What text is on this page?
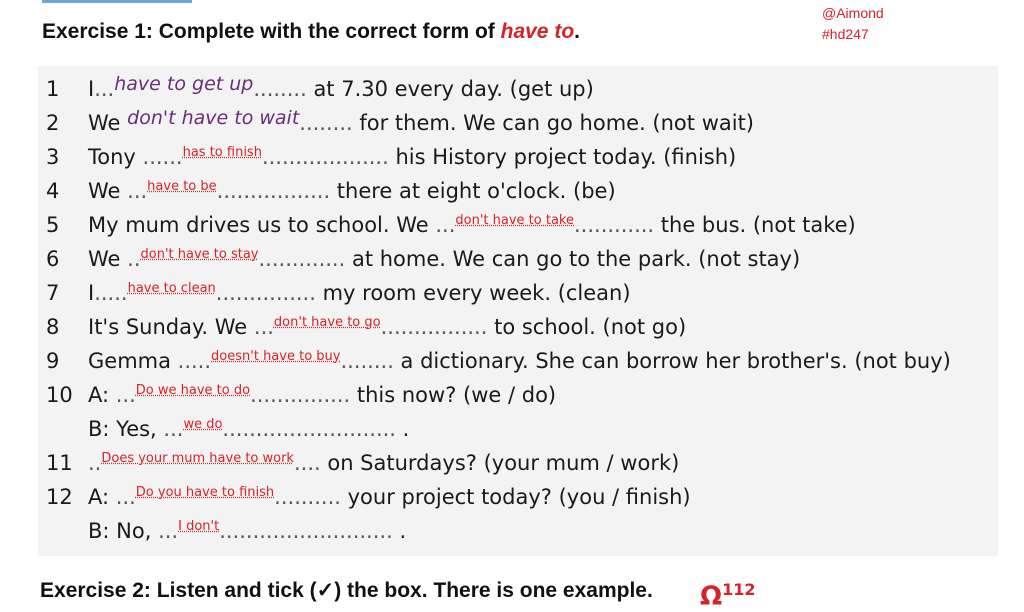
Exercise 1: Complete with the correct form of have to.
@Aimond
#hd247
1	I...have to get up........ at 7.30 every day. (get up)
2	We don't have to wait........ for them. We can go home. (not wait)
3	Tony ......$^{has to finish}$................... his History project today. (finish)
4	We ...$^{have to be}$................. there at eight o'clock. (be)
5	My mum drives us to school. We ...$^{don't have to take}$............ the bus. (not take)
6	We ..$^{don't have to stay}$............. at home. We can go to the park. (not stay)
7	I.....$^{have to clean}$............... my room every week. (clean)
8	It's Sunday. We ...$^{don't have to go}$................ to school. (not go)
9	Gemma .....$^{doesn't have to buy}$........ a dictionary. She can borrow her brother's. (not buy)
10 A: ...$^{Do we have to do}$............... this now? (we / do)
B: Yes, ...$^{we do}$.......................... .
11 ..$^{Does your mum have to work}$.... on Saturdays? (your mum / work)
12 A: ...$^{Do you have to finish}$.......... your project today? (you / finish)
B: No, ...$^{I don't}$.......................... .
Exercise 2: Listen and tick (✓) the box. There is one example. $\Omega^{112}$
